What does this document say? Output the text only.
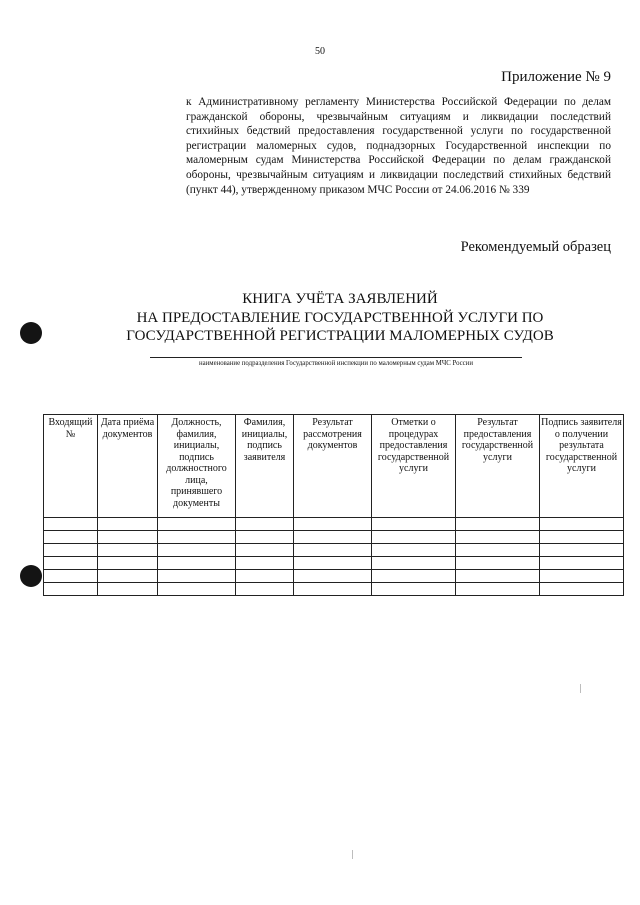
50
Приложение № 9
к Административному регламенту Министерства Российской Федерации по делам гражданской обороны, чрезвычайным ситуациям и ликвидации последствий стихийных бедствий предоставления государственной услуги по государственной регистрации маломерных судов, поднадзорных Государственной инспекции по маломерным судам Министерства Российской Федерации по делам гражданской обороны, чрезвычайным ситуациям и ликвидации последствий стихийных бедствий (пункт 44), утвержденному приказом МЧС России от 24.06.2016 № 339
Рекомендуемый образец
КНИГА УЧЁТА ЗАЯВЛЕНИЙ
НА ПРЕДОСТАВЛЕНИЕ ГОСУДАРСТВЕННОЙ УСЛУГИ ПО
ГОСУДАРСТВЕННОЙ РЕГИСТРАЦИИ МАЛОМЕРНЫХ СУДОВ
наименование подразделения Государственной инспекции по маломерным судам МЧС России
Входящий №	Дата приёма документов	Должность, фамилия, инициалы, подпись должностного лица, принявшего документы	Фамилия, инициалы, подпись заявителя	Результат рассмотрения документов	Отметки о процедурах предоставления государственной услуги	Результат предоставления государственной услуги	Подпись заявителя о получении результата государственной услуги
